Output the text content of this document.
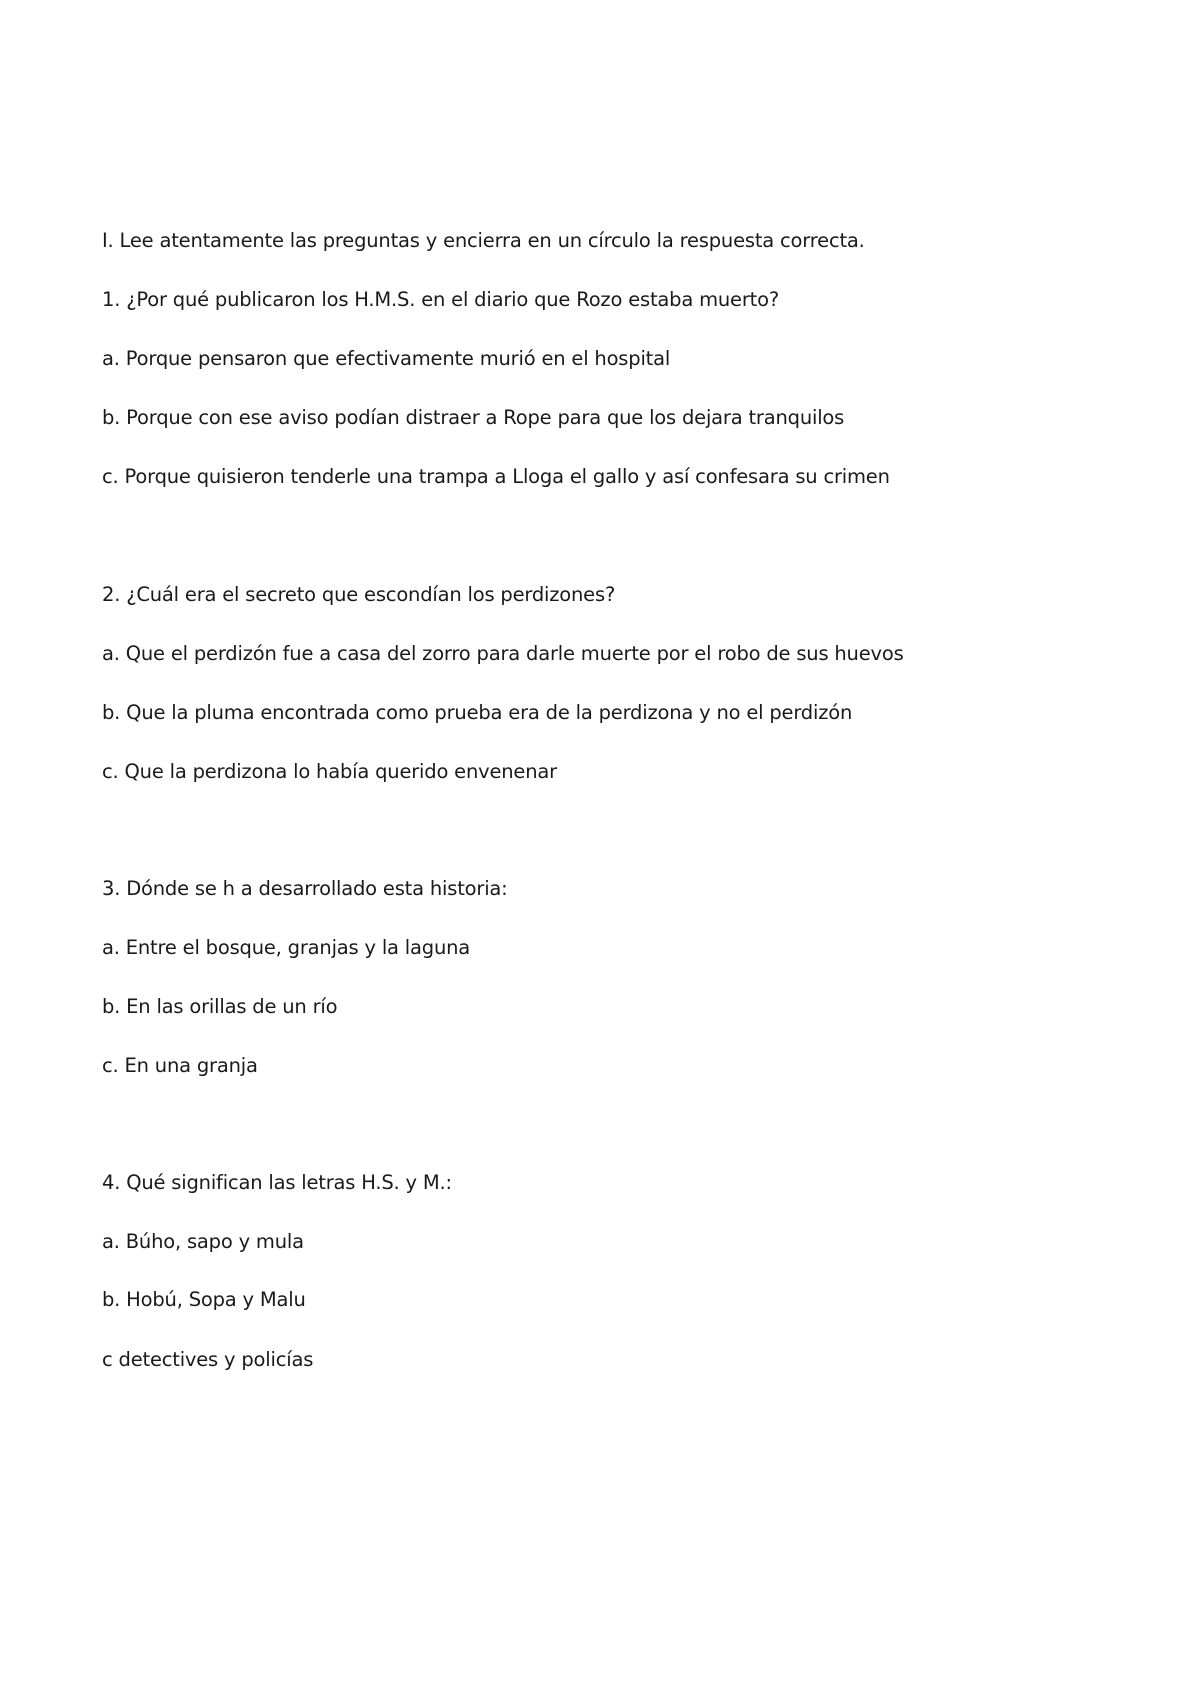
I. Lee atentamente las preguntas y encierra en un círculo la respuesta correcta.
1. ¿Por qué publicaron los H.M.S. en el diario que Rozo estaba muerto?
a. Porque pensaron que efectivamente murió en el hospital
b. Porque con ese aviso podían distraer a Rope para que los dejara tranquilos
c. Porque quisieron tenderle una trampa a Lloga el gallo y así confesara su crimen
2. ¿Cuál era el secreto que escondían los perdizones?
a. Que el perdizón fue a casa del zorro para darle muerte por el robo de sus huevos
b. Que la pluma encontrada como prueba era de la perdizona y no el perdizón
c. Que la perdizona lo había querido envenenar
3. Dónde se h a desarrollado esta historia:
a. Entre el bosque, granjas y la laguna
b. En las orillas de un río
c. En una granja
4. Qué significan las letras H.S. y M.:
a. Búho, sapo y mula
b. Hobú, Sopa y Malu
c detectives y policías
